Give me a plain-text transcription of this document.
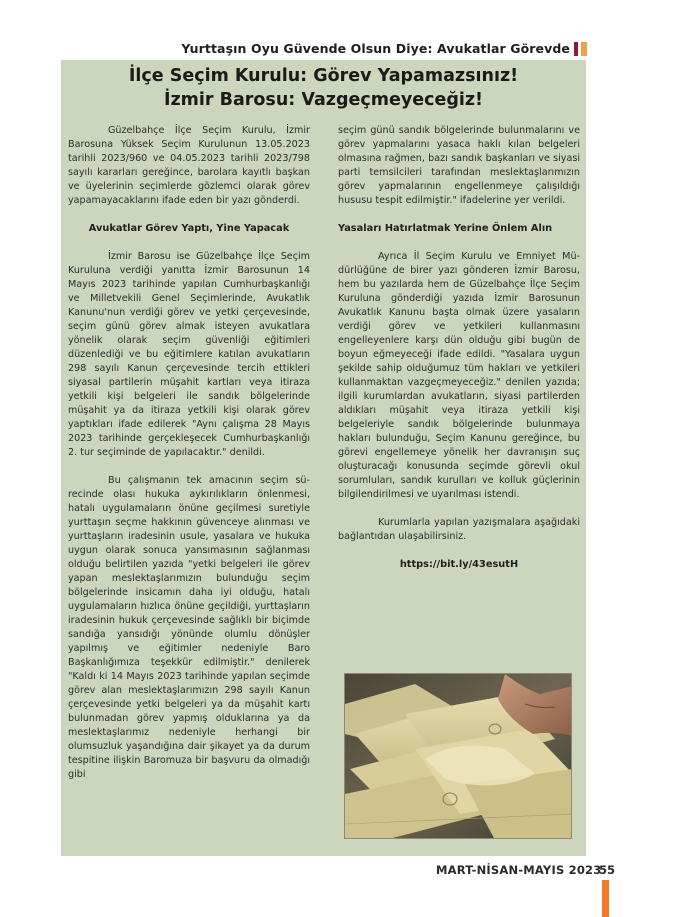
Yurttaşın Oyu Güvende Olsun Diye: Avukatlar Görevde
İlçe Seçim Kurulu: Görev Yapamazsınız!
İzmir Barosu: Vazgeçmeyeceğiz!

Güzelbahçe İlçe Seçim Kurulu, İzmir Barosuna Yüksek Seçim Kurulunun 13.05.2023 tarihli 2023/960 ve 04.05.2023 tarihli 2023/798 sayılı kararları gereğince, barolara kayıtlı başkan ve üyelerinin seçimlerde gözlemci olarak görev yapamayacaklarını ifade eden bir yazı gönderdi.

Avukatlar Görev Yaptı, Yine Yapacak

İzmir Barosu ise Güzelbahçe İlçe Seçim Kuruluna verdiği yanıtta İzmir Barosunun 14 Mayıs 2023 tarihinde yapılan Cumhurbaşkanlığı ve Milletvekili Genel Seçimlerinde, Avukatlık Kanunu'nun verdiği görev ve yetki çerçevesinde, seçim günü görev almak isteyen avukatlara yönelik olarak seçim güvenliği eğitimleri düzenlediği ve bu eğitimlere katılan avukatların 298 sayılı Kanun çerçevesinde tercih ettikleri siyasal partilerin müşahit kartları veya itiraza yetkili kişi belgeleri ile sandık bölgelerinde müşahit ya da itiraza yetkili kişi olarak görev yaptıkları ifade edilerek "Aynı çalışma 28 Mayıs 2023 tarihinde gerçekleşecek Cumhurbaşkanlığı 2. tur seçiminde de yapılacaktır." denildi.

Bu çalışmanın tek amacının seçim sürecinde olası hukuka aykırılıkların önlenmesi, hatalı uygulamaların önüne geçilmesi suretiyle yurttaşın seçme hakkının güvenceye alınması ve yurttaşların iradesinin usule, yasalara ve hukuka uygun olarak sonuca yansımasının sağlanması olduğu belirtilen yazıda "yetki belgeleri ile görev yapan meslektaşlarımızın bulunduğu seçim bölgelerinde insicamın daha iyi olduğu, hatalı uygulamaların hızlıca önüne geçildiği, yurttaşların iradesinin hukuk çerçevesinde sağlıklı bir biçimde sandığa yansıdığı yönünde olumlu dönüşler yapılmış ve eğitimler nedeniyle Baro Başkanlığımıza teşekkür edilmiştir." denilerek "Kaldı ki 14 Mayıs 2023 tarihinde yapılan seçimde görev alan meslektaşlarımızın 298 sayılı Kanun çerçevesinde yetki belgeleri ya da müşahit kartı bulunmadan görev yapmış olduklarına ya da meslektaşlarımız nedeniyle herhangi bir olumsuzluk yaşandığına dair şikayet ya da durum tespitine ilişkin Baromuza bir başvuru da olmadığı gibi

seçim günü sandık bölgelerinde bulunmalarını ve görev yapmalarını yasaca haklı kılan belgeleri olmasına rağmen, bazı sandık başkanları ve siyasi parti temsilcileri tarafından meslektaşlarımızın görev yapmalarının engellenmeye çalışıldığı hususu tespit edilmiştir." ifadelerine yer verildi.

Yasaları Hatırlatmak Yerine Önlem Alın

Ayrıca İl Seçim Kurulu ve Emniyet Müdürlüğüne de birer yazı gönderen İzmir Barosu, hem bu yazılarda hem de Güzelbahçe İlçe Seçim Kuruluna gönderdiği yazıda İzmir Barosunun Avukatlık Kanunu başta olmak üzere yasaların verdiği görev ve yetkileri kullanmasını engelleyenlere karşı dün olduğu gibi bugün de boyun eğmeyeceği ifade edildi. "Yasalara uygun şekilde sahip olduğumuz tüm hakları ve yetkileri kullanmaktan vazgeçmeyeceğiz." denilen yazıda; ilgili kurumlardan avukatların, siyasi partilerden aldıkları müşahit veya itiraza yetkili kişi belgeleriyle sandık bölgelerinde bulunmaya hakları bulunduğu, Seçim Kanunu gereğince, bu görevi engellemeye yönelik her davranışın suç oluşturacağı konusunda seçimde görevli okul sorumluları, sandık kurulları ve kolluk güçlerinin bilgilendirilmesi ve uyarılması istendi.

Kurumlarla yapılan yazışmalara aşağıdaki bağlantıdan ulaşabilirsiniz.

https://bit.ly/43esutH
MART-NİSAN-MAYIS 2023
55
